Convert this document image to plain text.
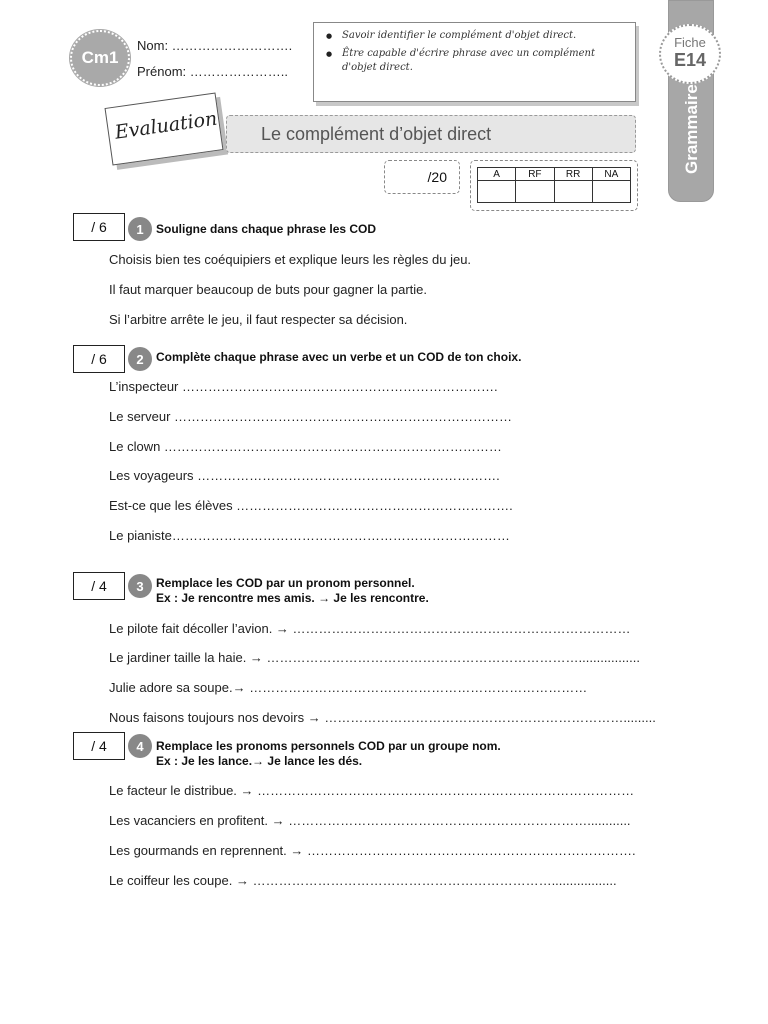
Cm1
Nom: ……………………….
Prénom: …………………..
● Savoir identifier le complément d'objet direct.
● Être capable d'écrire phrase avec un complément d'objet direct.
Grammaire
Fiche
E14
Evaluation Le complément d’objet direct
/20	A	RF	RR	NA

/ 6 1 Souligne dans chaque phrase les COD
Choisis bien tes coéquipiers et explique leurs les règles du jeu.
Il faut marquer beaucoup de buts pour gagner la partie.
Si l’arbitre arrête le jeu, il faut respecter sa décision.
/ 6 2 Complète chaque phrase avec un verbe et un COD de ton choix.
L’inspecteur ……………………………………………………………….
Le serveur ……………………………………………………………………
Le clown ……………………………………………………………………
Les voyageurs …………………………………………………………….
Est-ce que les élèves ……………………………………………………….
Le pianiste……………………………………………………………………
/ 4 3 Remplace les COD par un pronom personnel.
Ex : Je rencontre mes amis. → Je les rencontre.
Le pilote fait décoller l’avion. → ……………………………………………………………………
Le jardiner taille la haie. → ……………………………………………………………….................
Julie adore sa soupe.→ ……………………………………………………………………
Nous faisons toujours nos devoirs → …………………………………………………………….........
/ 4 4 Remplace les pronoms personnels COD par un groupe nom.
Ex : Je les lance.→ Je lance les dés.
Le facteur le distribue. → ……………………………………………………………………………
Les vacanciers en profitent. → ……………………………………………………………............
Les gourmands en reprennent. → ………………………………………………………………….
Le coiffeur les coupe. → ……………………………………………………………..................
